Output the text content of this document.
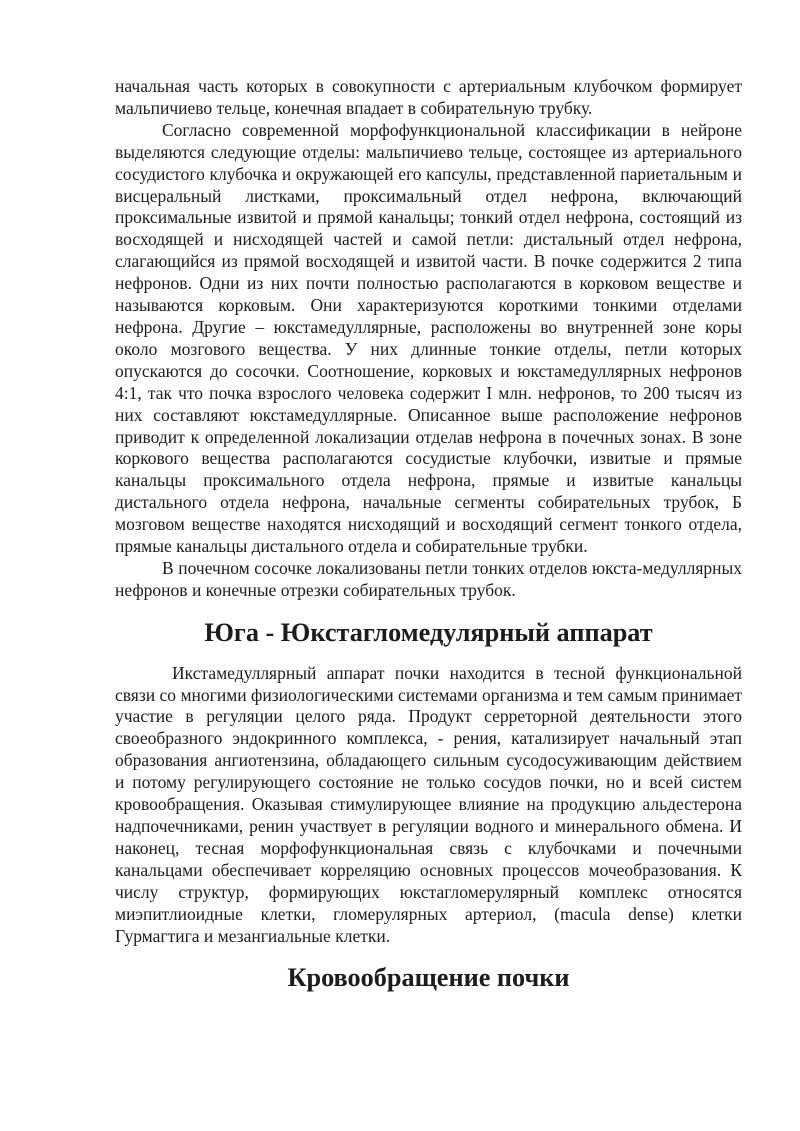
начальная часть которых в совокупности с артериальным клубочком формирует мальпичиево тельце, конечная впадает в собирательную трубку.

Согласно современной морфофункциональной классификации в нейроне выделяются следующие отделы: мальпичиево тельце, состоящее из артериального сосудистого клубочка и окружающей его капсулы, представленной париетальным и висцеральный листками, проксимальный отдел нефрона, включающий проксимальные извитой и прямой канальцы; тонкий отдел нефрона, состоящий из восходящей и нисходящей частей и самой петли: дистальный отдел нефрона, слагающийся из прямой восходящей и извитой части. В почке содержится 2 типа нефронов. Одни из них почти полностью располагаются в корковом веществе и называются корковым. Они характеризуются короткими тонкими отделами нефрона. Другие – юкстамедуллярные, расположены во внутренней зоне коры около мозгового вещества. У них длинные тонкие отделы, петли которых опускаются до сосочки. Соотношение, корковых и юкстамедуллярных нефронов 4:1, так что почка взрослого человека содержит I млн. нефронов, то 200 тысяч из них составляют юкстамедуллярные. Описанное выше расположение нефронов приводит к определенной локализации отделав нефрона в почечных зонах. В зоне коркового вещества располагаются сосудистые клубочки, извитые и прямые канальцы проксимального отдела нефрона, прямые и извитые канальцы дистального отдела нефрона, начальные сегменты собирательных трубок, Б мозговом веществе находятся нисходящий и восходящий сегмент тонкого отдела, прямые канальцы дистального отдела и собирательные трубки.

В почечном сосочке локализованы петли тонких отделов юкста-медуллярных нефронов и конечные отрезки собирательных трубок.

Юга - Юкстагломедулярный аппарат

Икстамедуллярный аппарат почки находится в тесной функциональной связи со многими физиологическими системами организма и тем самым принимает участие в регуляции целого ряда. Продукт серреторной деятельности этого своеобразного эндокринного комплекса, - рения, катализирует начальный этап образования ангиотензина, обладающего сильным сусодосуживающим действием и потому регулирующего состояние не только сосудов почки, но и всей систем кровообращения. Оказывая стимулирующее влияние на продукцию альдестерона надпочечниками, ренин участвует в регуляции водного и минерального обмена. И наконец, тесная морфофункциональная связь с клубочками и почечными канальцами обеспечивает корреляцию основных процессов мочеобразования. К числу структур, формирующих юкстагломерулярный комплекс относятся миэпитлиоидные клетки, гломерулярных артериол, (macula dense) клетки Гурмагтига и мезангиальные клетки.

Кровообращение почки
